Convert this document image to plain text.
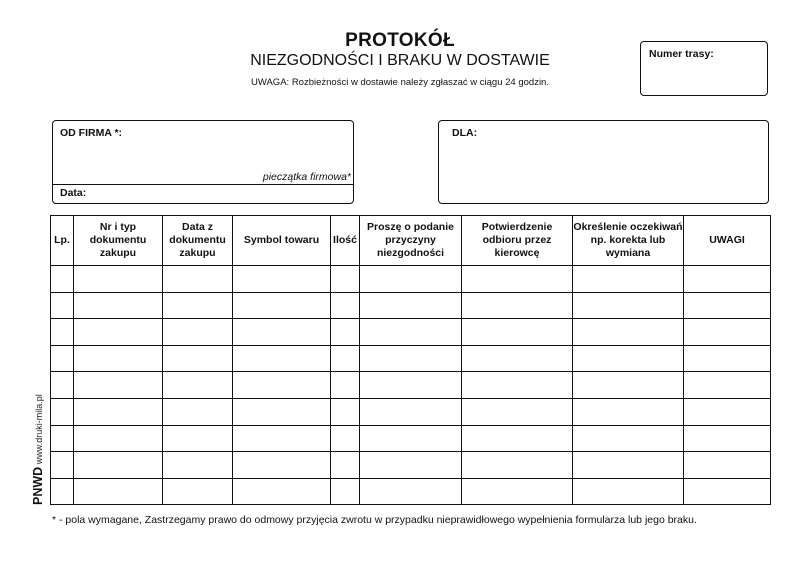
PROTOKÓŁ
NIEZGODNOŚCI I BRAKU W DOSTAWIE
UWAGA: Rozbieżności w dostawie należy zgłaszać w ciągu 24 godzin.
Numer trasy:
OD FIRMA *:
pieczątka firmowa*
Data:
DLA:
Lp.	Nr i typ dokumentu zakupu	Data z dokumentu zakupu	Symbol towaru	Ilość	Proszę o podanie przyczyny niezgodności	Potwierdzenie odbioru przez kierowcę	Określenie oczekiwań np. korekta lub wymiana	UWAGI

PNWD www.druki-mila.pl
* - pola wymagane, Zastrzegamy prawo do odmowy przyjęcia zwrotu w przypadku nieprawidłowego wypełnienia formularza lub jego braku.
